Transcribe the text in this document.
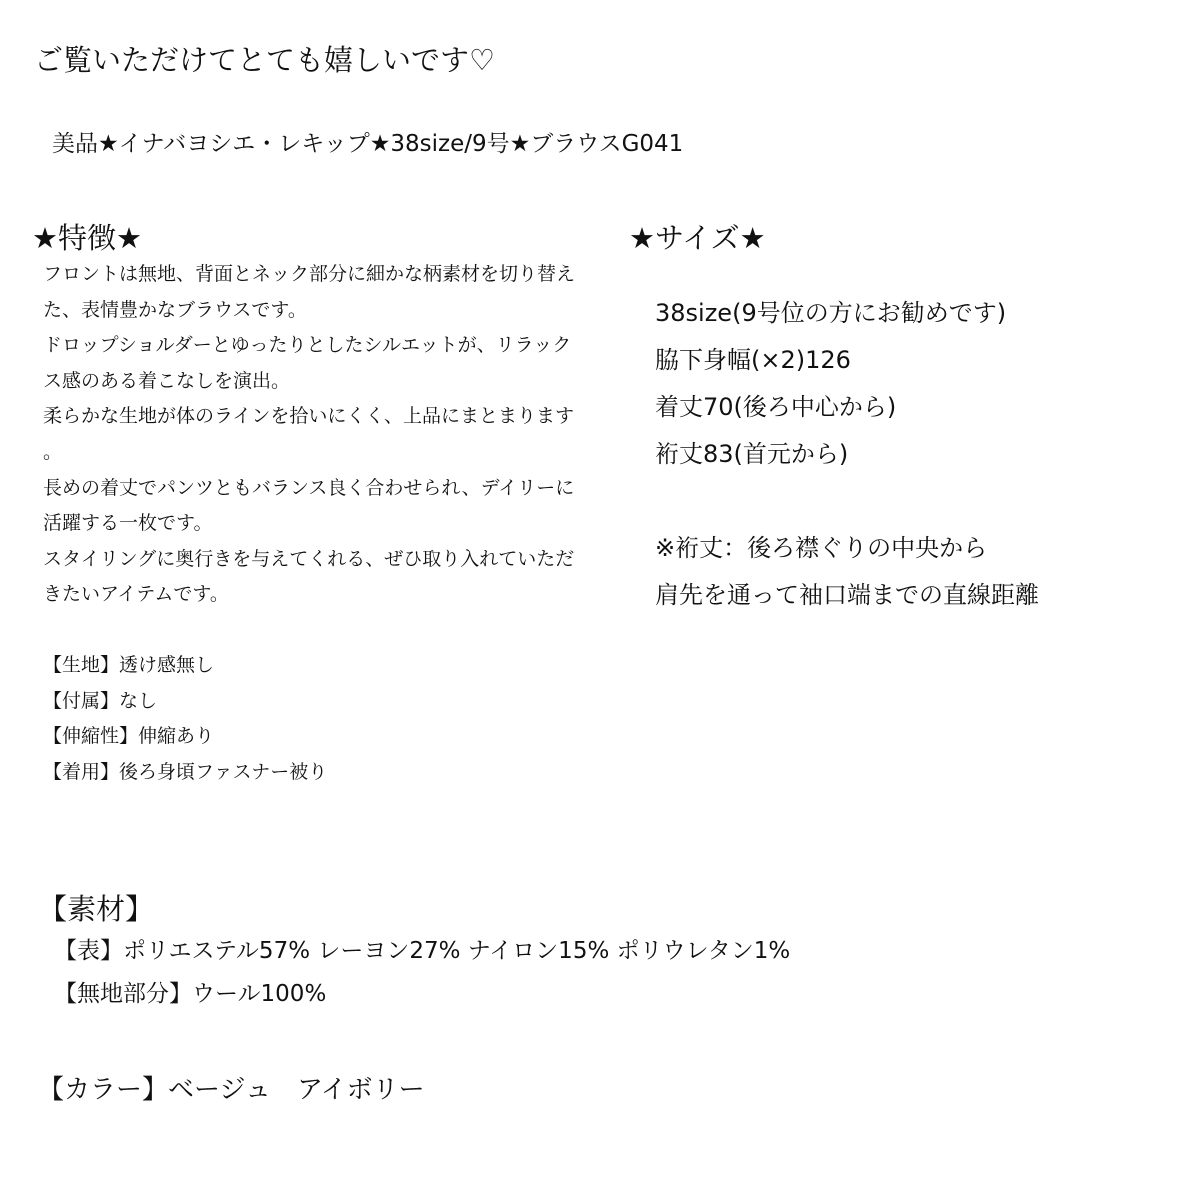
ご覧いただけてとても嬉しいです♡
美品★イナバヨシエ・レキップ★38size/9号★ブラウスG041
★特徴★
フロントは無地、背面とネック部分に細かな柄素材を切り替え
た、表情豊かなブラウスです。
ドロップショルダーとゆったりとしたシルエットが、リラック
ス感のある着こなしを演出。
柔らかな生地が体のラインを拾いにくく、上品にまとまります
。
長めの着丈でパンツともバランス良く合わせられ、デイリーに
活躍する一枚です。
スタイリングに奥行きを与えてくれる、ぜひ取り入れていただ
きたいアイテムです。
【生地】透け感無し
【付属】なし
【伸縮性】伸縮あり
【着用】後ろ身頃ファスナー被り
★サイズ★
38size(9号位の方にお勧めです)
脇下身幅(×2)126
着丈70(後ろ中心から)
裄丈83(首元から)
※裄丈：後ろ襟ぐりの中央から
肩先を通って袖口端までの直線距離
【素材】
【表】ポリエステル57% レーヨン27% ナイロン15% ポリウレタン1%
【無地部分】ウール100%
【カラー】ベージュ　アイボリー
